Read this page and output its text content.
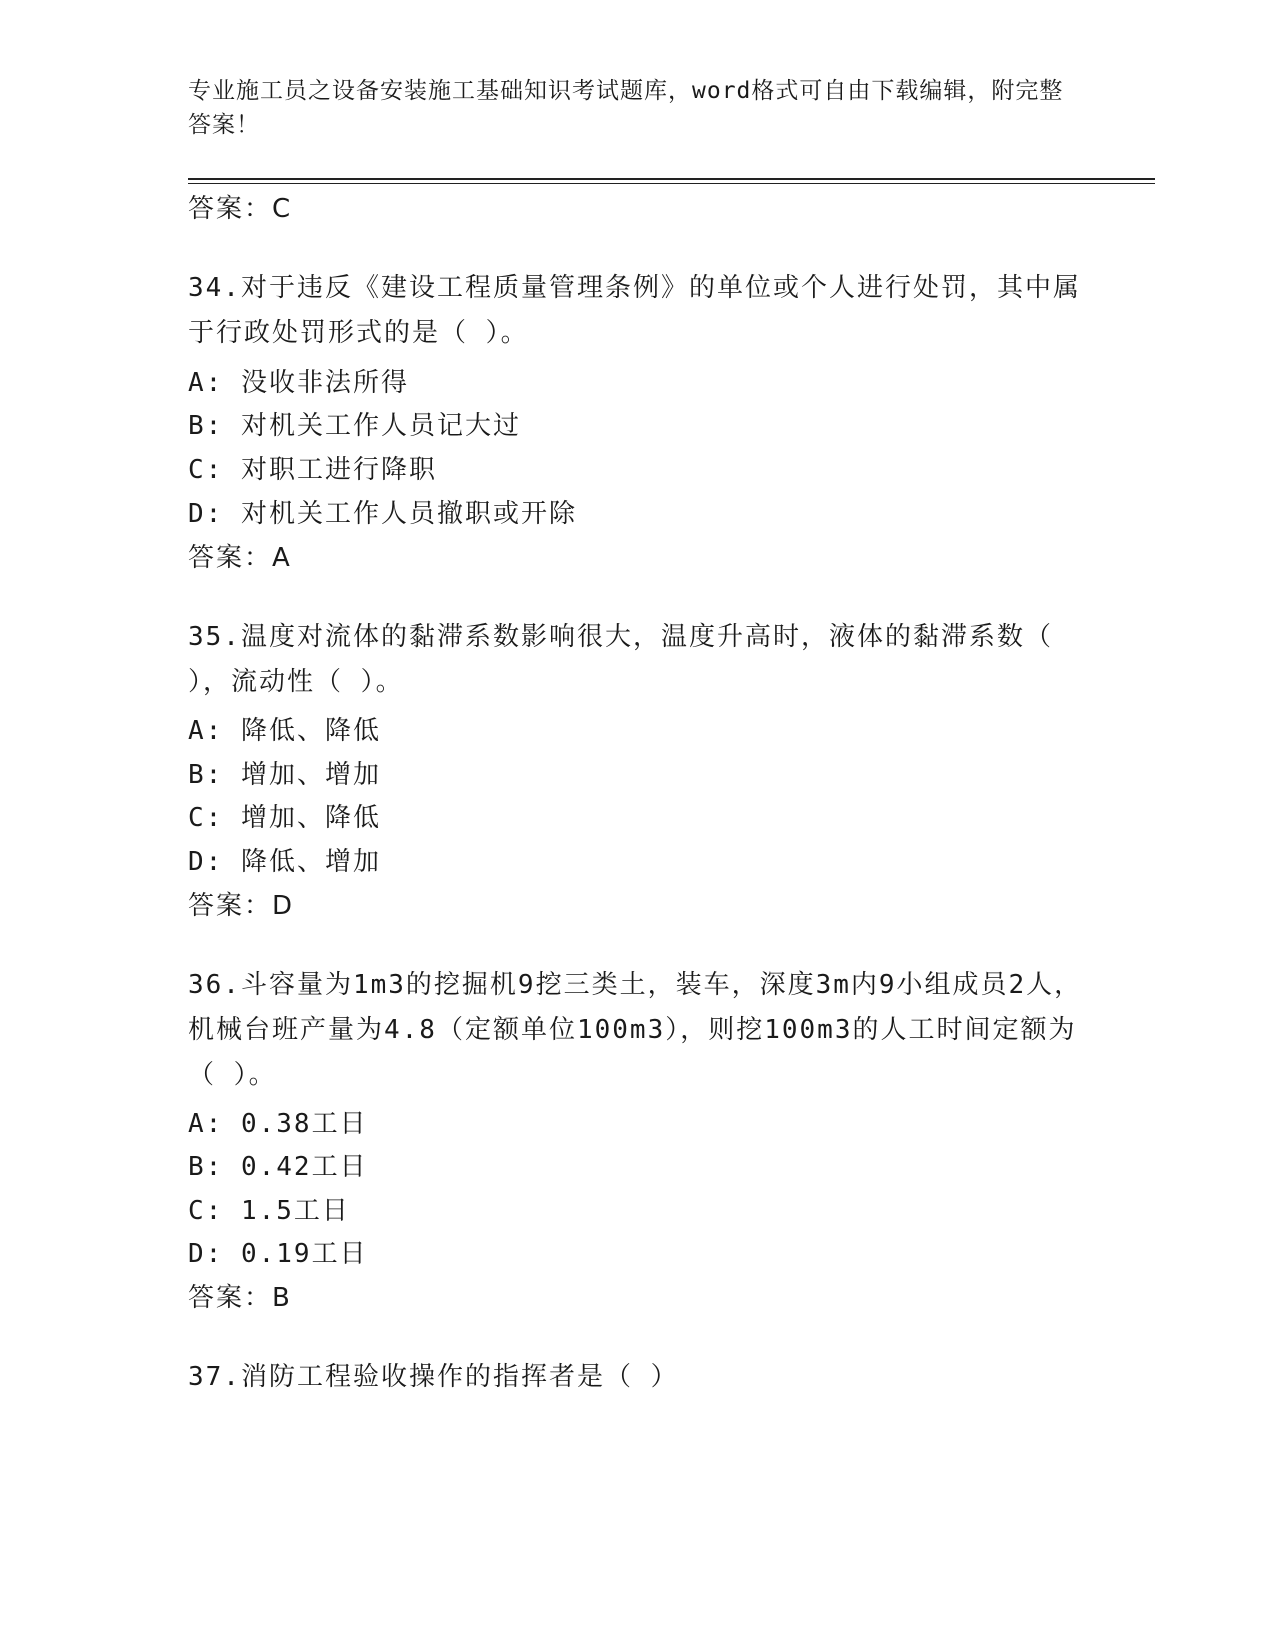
专业施工员之设备安装施工基础知识考试题库，word格式可自由下载编辑，附完整答案！
答案：C
34.对于违反《建设工程质量管理条例》的单位或个人进行处罚，其中属于行政处罚形式的是（ ）。
A: 没收非法所得
B: 对机关工作人员记大过
C: 对职工进行降职
D: 对机关工作人员撤职或开除
答案：A
35.温度对流体的黏滞系数影响很大，温度升高时，液体的黏滞系数（ ），流动性（ ）。
A: 降低、降低
B: 增加、增加
C: 增加、降低
D: 降低、增加
答案：D
36.斗容量为1m3的挖掘机9挖三类土，装车，深度3m内9小组成员2人，机械台班产量为4.8（定额单位100m3），则挖100m3的人工时间定额为（ ）。
A: 0.38工日
B: 0.42工日
C: 1.5工日
D: 0.19工日
答案：B
37.消防工程验收操作的指挥者是（ ）
